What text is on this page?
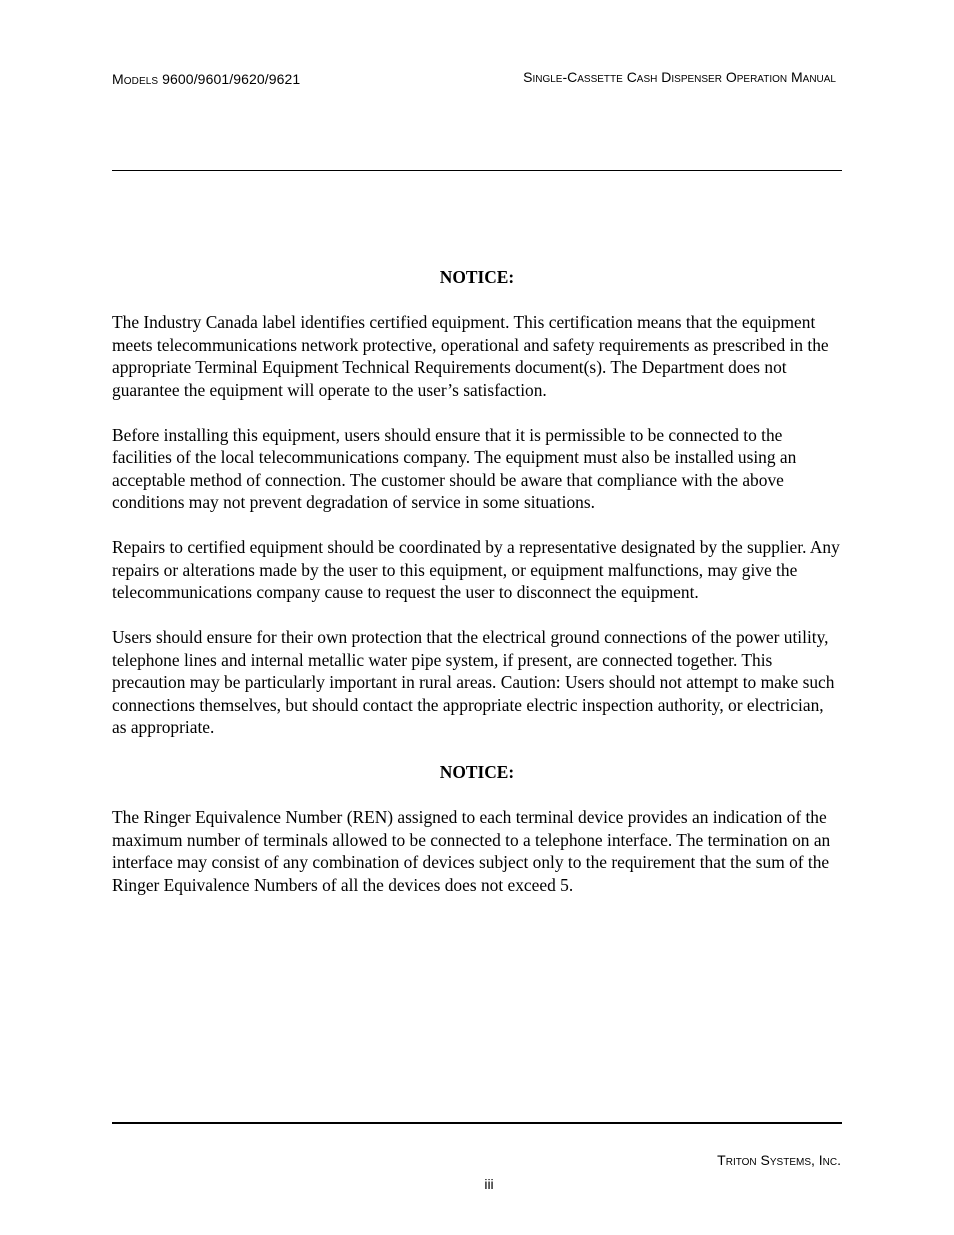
Models 9600/9601/9620/9621	Single-Cassette Cash Dispenser Operation Manual
NOTICE:

The Industry Canada label identifies certified equipment. This certification means that the equipment meets telecommunications network protective, operational and safety requirements as prescribed in the appropriate Terminal Equipment Technical Requirements document(s). The Department does not guarantee the equipment will operate to the user’s satisfaction.

Before installing this equipment, users should ensure that it is permissible to be connected to the facilities of the local telecommunications company. The equipment must also be installed using an acceptable method of connection. The customer should be aware that compliance with the above conditions may not prevent degradation of service in some situations.

Repairs to certified equipment should be coordinated by a representative designated by the supplier. Any repairs or alterations made by the user to this equipment, or equipment malfunctions, may give the telecommunications company cause to request the user to disconnect the equipment.

Users should ensure for their own protection that the electrical ground connections of the power utility, telephone lines and internal metallic water pipe system, if present, are connected together. This precaution may be particularly important in rural areas. Caution: Users should not attempt to make such connections themselves, but should contact the appropriate electric inspection authority, or electrician, as appropriate.

NOTICE:

The Ringer Equivalence Number (REN) assigned to each terminal device provides an indication of the maximum number of terminals allowed to be connected to a telephone interface. The termination on an interface may consist of any combination of devices subject only to the requirement that the sum of the Ringer Equivalence Numbers of all the devices does not exceed 5.

Triton Systems, Inc.
iii
